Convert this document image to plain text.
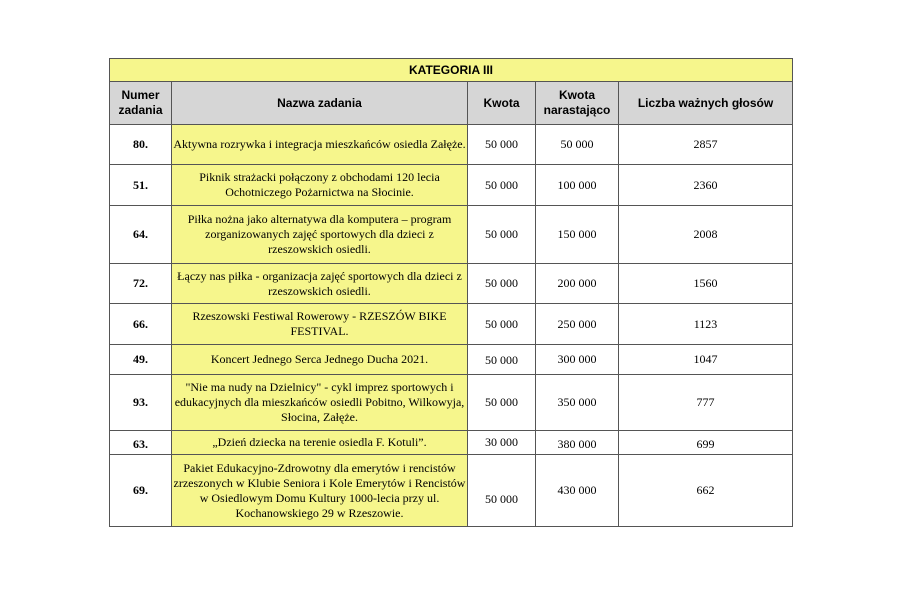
KATEGORIA III				
Numer zadania	Nazwa zadania	Kwota	Kwota narastająco	Liczba ważnych głosów
80.	Aktywna rozrywka i integracja mieszkańców osiedla Załęże.	50 000	50 000	2857
51.	Piknik strażacki połączony z obchodami 120 lecia Ochotniczego Pożarnictwa na Słocinie.	50 000	100 000	2360
64.	Piłka nożna jako alternatywa dla komputera – program zorganizowanych zajęć sportowych dla dzieci z rzeszowskich osiedli.	50 000	150 000	2008
72.	Łączy nas piłka - organizacja zajęć sportowych dla dzieci z rzeszowskich osiedli.	50 000	200 000	1560
66.	Rzeszowski Festiwal Rowerowy - RZESZÓW BIKE FESTIVAL.	50 000	250 000	1123
49.	Koncert Jednego Serca Jednego Ducha 2021.	50 000	300 000	1047
93.	"Nie ma nudy na Dzielnicy" - cykl imprez sportowych i edukacyjnych dla mieszkańców osiedli Pobitno, Wilkowyja, Słocina, Załęże.	50 000	350 000	777
63.	„Dzień dziecka na terenie osiedla F. Kotuli”.	30 000	380 000	699
69.	Pakiet Edukacyjno-Zdrowotny dla emerytów i rencistów zrzeszonych w Klubie Seniora i Kole Emerytów i Rencistów w Osiedlowym Domu Kultury 1000-lecia przy ul. Kochanowskiego 29 w Rzeszowie.	50 000	430 000	662
